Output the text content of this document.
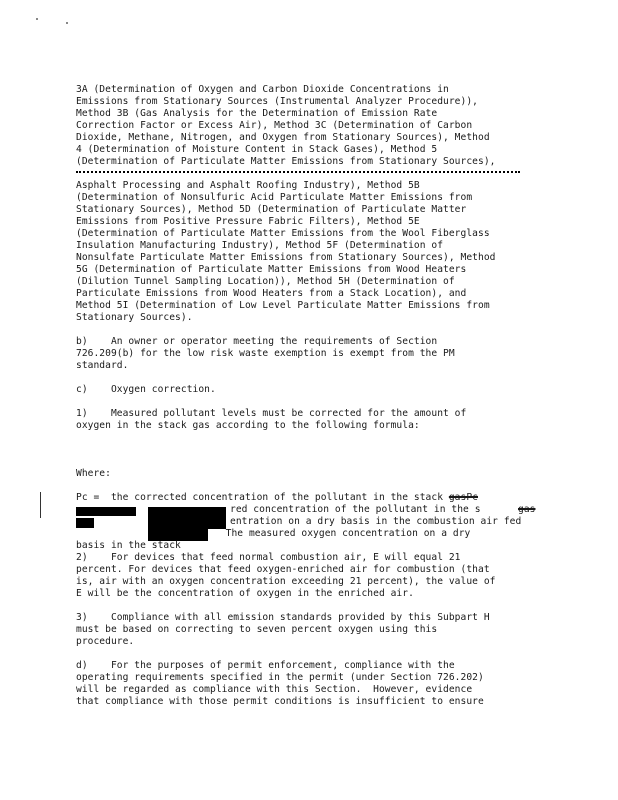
3A (Determination of Oxygen and Carbon Dioxide Concentrations in
Emissions from Stationary Sources (Instrumental Analyzer Procedure)),
Method 3B (Gas Analysis for the Determination of Emission Rate
Correction Factor or Excess Air), Method 3C (Determination of Carbon
Dioxide, Methane, Nitrogen, and Oxygen from Stationary Sources), Method
4 (Determination of Moisture Content in Stack Gases), Method 5
(Determination of Particulate Matter Emissions from Stationary Sources),
Asphalt Processing and Asphalt Roofing Industry), Method 5B
(Determination of Nonsulfuric Acid Particulate Matter Emissions from
Stationary Sources), Method 5D (Determination of Particulate Matter
Emissions from Positive Pressure Fabric Filters), Method 5E
(Determination of Particulate Matter Emissions from the Wool Fiberglass
Insulation Manufacturing Industry), Method 5F (Determination of
Nonsulfate Particulate Matter Emissions from Stationary Sources), Method
5G (Determination of Particulate Matter Emissions from Wood Heaters
(Dilution Tunnel Sampling Location)), Method 5H (Determination of
Particulate Emissions from Wood Heaters from a Stack Location), and
Method 5I (Determination of Low Level Particulate Matter Emissions from
Stationary Sources).
b)    An owner or operator meeting the requirements of Section
726.209(b) for the low risk waste exemption is exempt from the PM
standard.
c)    Oxygen correction.
1)    Measured pollutant levels must be corrected for the amount of
oxygen in the stack gas according to the following formula:
Where:
Pc =  the corrected concentration of the pollutant in the stack gasPc
red concentration of the pollutant in the s	gas
entration on a dry basis in the combustion air fed
The measured oxygen concentration on a dry
basis in the stack
2)    For devices that feed normal combustion air, E will equal 21
percent. For devices that feed oxygen-enriched air for combustion (that
is, air with an oxygen concentration exceeding 21 percent), the value of
E will be the concentration of oxygen in the enriched air.
3)    Compliance with all emission standards provided by this Subpart H
must be based on correcting to seven percent oxygen using this
procedure.
d)    For the purposes of permit enforcement, compliance with the
operating requirements specified in the permit (under Section 726.202)
will be regarded as compliance with this Section.  However, evidence
that compliance with those permit conditions is insufficient to ensure
